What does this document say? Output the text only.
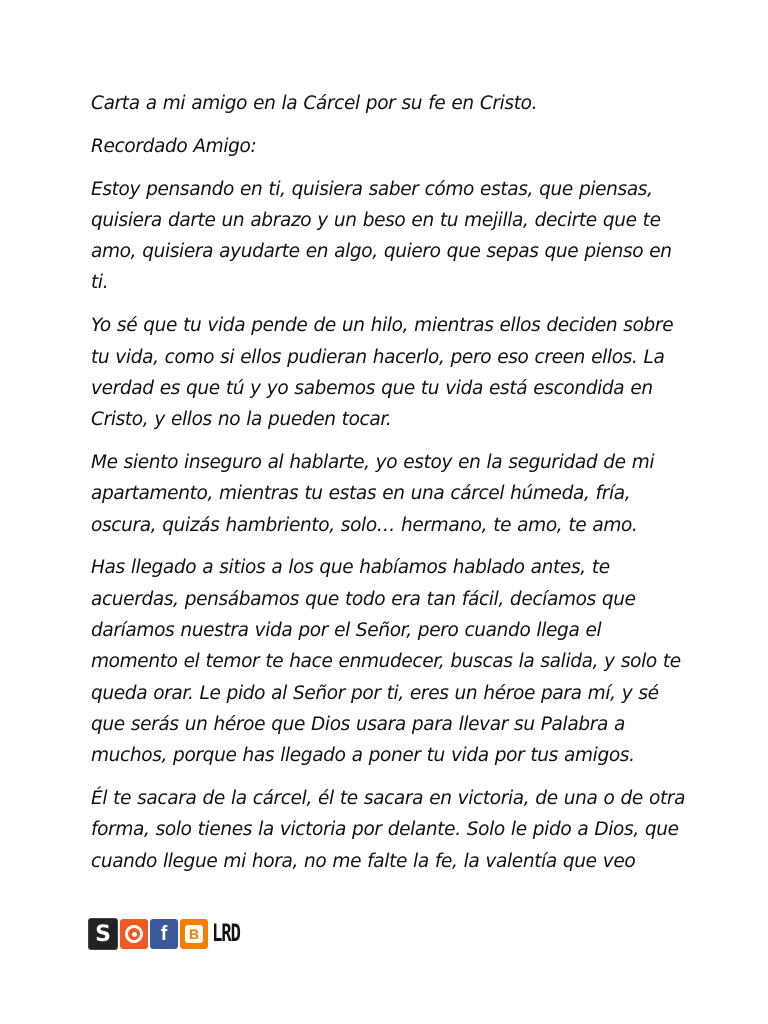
Carta a mi amigo en la Cárcel por su fe en Cristo.

Recordado Amigo:

Estoy pensando en ti, quisiera saber cómo estas, que piensas, quisiera darte un abrazo y un beso en tu mejilla, decirte que te amo, quisiera ayudarte en algo, quiero que sepas que pienso en ti.

Yo sé que tu vida pende de un hilo, mientras ellos deciden sobre tu vida, como si ellos pudieran hacerlo, pero eso creen ellos. La verdad es que tú y yo sabemos que tu vida está escondida en Cristo, y ellos no la pueden tocar.

Me siento inseguro al hablarte, yo estoy en la seguridad de mi apartamento, mientras tu estas en una cárcel húmeda, fría, oscura, quizás hambriento, solo… hermano, te amo, te amo.

Has llegado a sitios a los que habíamos hablado antes, te acuerdas, pensábamos que todo era tan fácil, decíamos que daríamos nuestra vida por el Señor, pero cuando llega el momento el temor te hace enmudecer, buscas la salida, y solo te queda orar. Le pido al Señor por ti, eres un héroe para mí, y sé que serás un héroe que Dios usara para llevar su Palabra a muchos, porque has llegado a poner tu vida por tus amigos.

Él te sacara de la cárcel, él te sacara en victoria, de una o de otra forma, solo tienes la victoria por delante. Solo le pido a Dios, que cuando llegue mi hora, no me falte la fe, la valentía que veo

S f B LRD
